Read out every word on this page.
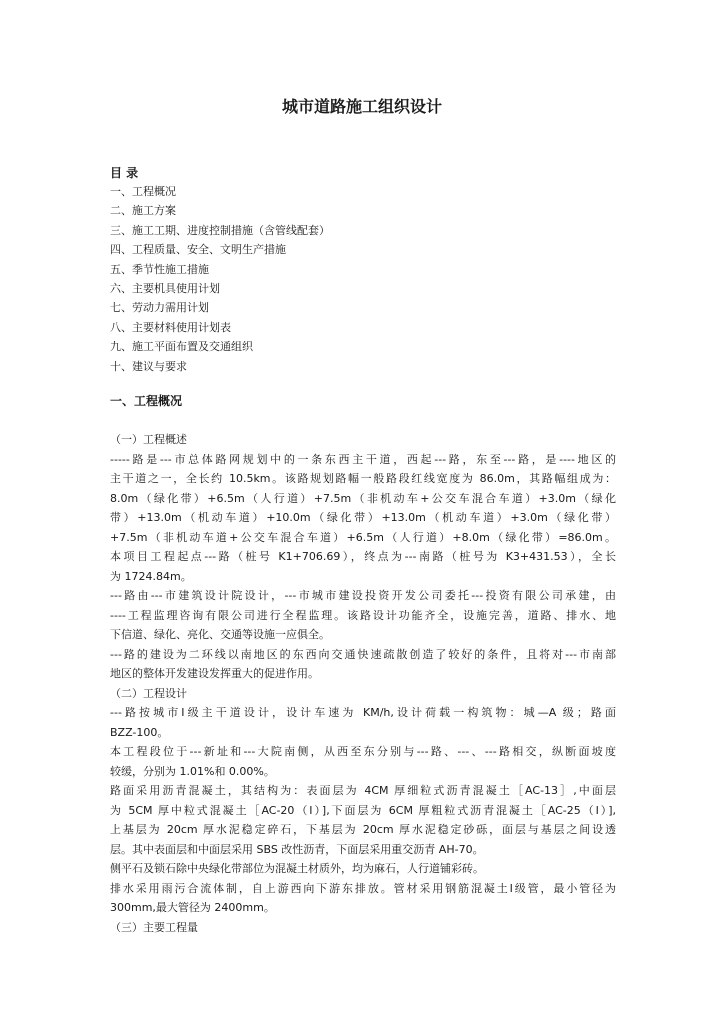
城市道路施工组织设计
目 录
一、工程概况
二、施工方案
三、施工工期、进度控制措施（含管线配套）
四、工程质量、安全、文明生产措施
五、季节性施工措施
六、主要机具使用计划
七、劳动力需用计划
八、主要材料使用计划表
九、施工平面布置及交通组织
十、建议与要求
一、工程概况
（一）工程概述
-----路是---市总体路网规划中的一条东西主干道，西起---路，东至---路，是----地区的
主干道之一，全长约 10.5km。该路规划路幅一般路段红线宽度为 86.0m，其路幅组成为：
8.0m（绿化带）+6.5m（人行道）+7.5m（非机动车+公交车混合车道）+3.0m（绿化
带）+13.0m（机动车道）+10.0m（绿化带）+13.0m（机动车道）+3.0m（绿化带）
+7.5m（非机动车道+公交车混合车道）+6.5m（人行道）+8.0m（绿化带）=86.0m。
本项目工程起点---路（桩号 K1+706.69），终点为---南路（桩号为 K3+431.53），全长
为 1724.84m。
---路由---市建筑设计院设计，---市城市建设投资开发公司委托---投资有限公司承建，由
----工程监理咨询有限公司进行全程监理。该路设计功能齐全，设施完善，道路、排水、地
下信道、绿化、亮化、交通等设施一应俱全。
---路的建设为二环线以南地区的东西向交通快速疏散创造了较好的条件，且将对---市南部
地区的整体开发建设发挥重大的促进作用。
（二）工程设计
---路按城市Ⅰ级主干道设计，设计车速为 KM/h,设计荷载一构筑物：城—A 级；路面
BZZ-100。
本工程段位于---新址和---大院南侧，从西至东分别与---路、---、---路相交，纵断面坡度
较缓，分别为 1.01%和 0.00%。
路面采用沥青混凝土，其结构为：表面层为 4CM 厚细粒式沥青混凝土［AC-13］,中面层
为 5CM 厚中粒式混凝土［AC-20（I）],下面层为 6CM 厚粗粒式沥青混凝土［AC-25（I）],
上基层为 20cm 厚水泥稳定碎石，下基层为 20cm 厚水泥稳定砂砾，面层与基层之间设透
层。其中表面层和中面层采用 SBS 改性沥青，下面层采用重交沥青 AH-70。
侧平石及锁石除中央绿化带部位为混凝土材质外，均为麻石，人行道铺彩砖。
排水采用雨污合流体制，自上游西向下游东排放。管材采用钢筋混凝土Ⅰ级管，最小管径为
300mm,最大管径为 2400mm。
（三）主要工程量
